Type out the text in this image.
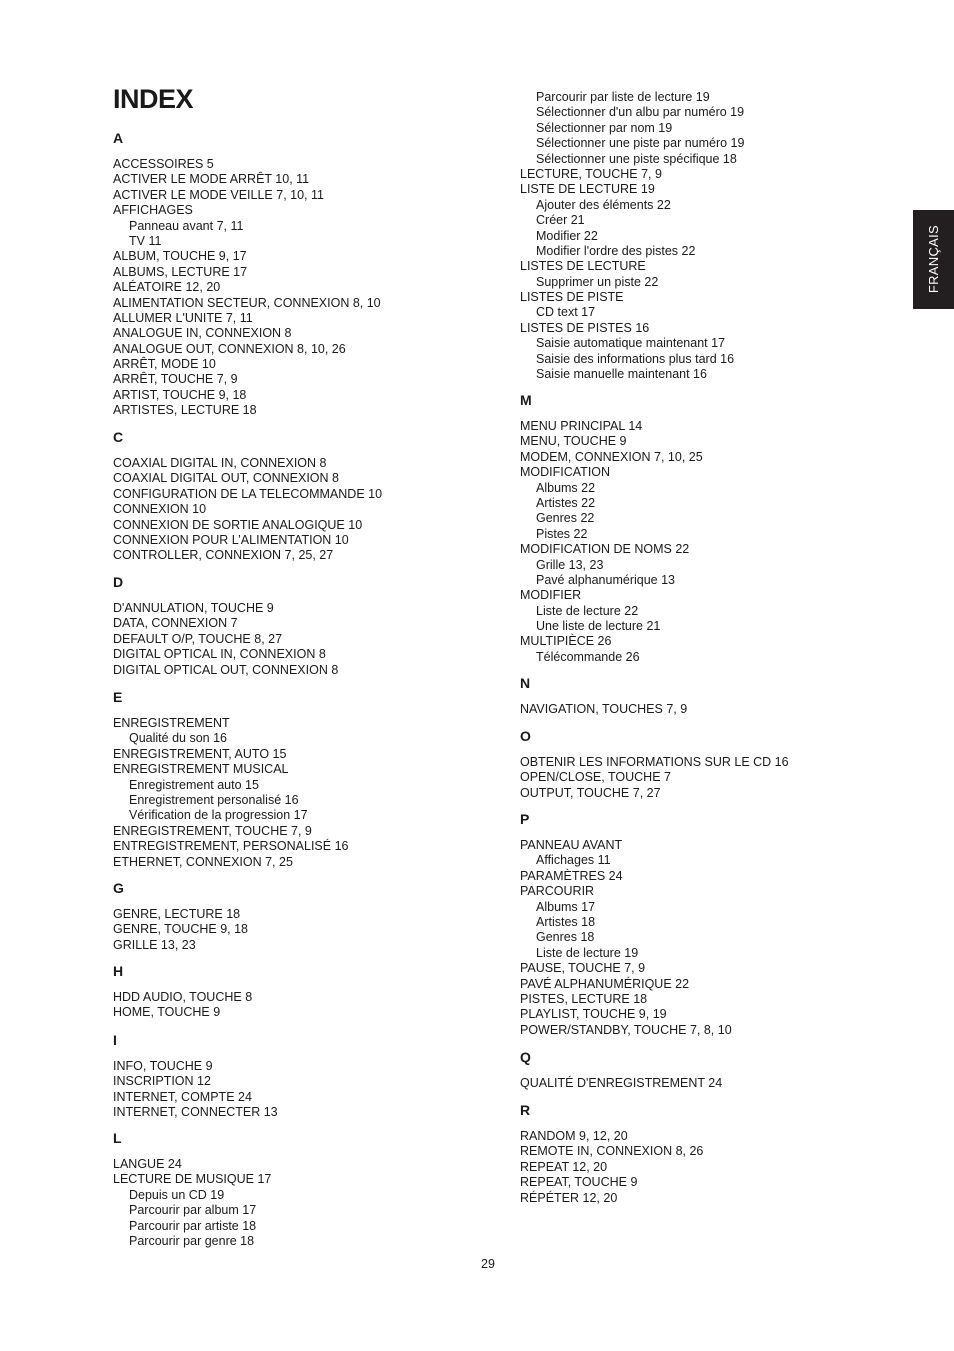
INDEX
A
ACCESSOIRES 5
ACTIVER LE MODE ARRÊT 10, 11
ACTIVER LE MODE VEILLE 7, 10, 11
AFFICHAGES
Panneau avant 7, 11
TV 11
ALBUM, TOUCHE 9, 17
ALBUMS, LECTURE 17
ALÉATOIRE 12, 20
ALIMENTATION SECTEUR, CONNEXION 8, 10
ALLUMER L'UNITE 7, 11
ANALOGUE IN, CONNEXION 8
ANALOGUE OUT, CONNEXION 8, 10, 26
ARRÊT, MODE 10
ARRÊT, TOUCHE 7, 9
ARTIST, TOUCHE 9, 18
ARTISTES, LECTURE 18
C
COAXIAL DIGITAL IN, CONNEXION 8
COAXIAL DIGITAL OUT, CONNEXION 8
CONFIGURATION DE LA TELECOMMANDE 10
CONNEXION 10
CONNEXION DE SORTIE ANALOGIQUE 10
CONNEXION POUR L’ALIMENTATION 10
CONTROLLER, CONNEXION 7, 25, 27
D
D'ANNULATION, TOUCHE 9
DATA, CONNEXION 7
DEFAULT O/P, TOUCHE 8, 27
DIGITAL OPTICAL IN, CONNEXION 8
DIGITAL OPTICAL OUT, CONNEXION 8
E
ENREGISTREMENT
Qualité du son 16
ENREGISTREMENT, AUTO 15
ENREGISTREMENT MUSICAL
Enregistrement auto 15
Enregistrement personalisé 16
Vérification de la progression 17
ENREGISTREMENT, TOUCHE 7, 9
ENTREGISTREMENT, PERSONALISÉ 16
ETHERNET, CONNEXION 7, 25
G
GENRE, LECTURE 18
GENRE, TOUCHE 9, 18
GRILLE 13, 23
H
HDD AUDIO, TOUCHE 8
HOME, TOUCHE 9
I
INFO, TOUCHE 9
INSCRIPTION 12
INTERNET, COMPTE 24
INTERNET, CONNECTER 13
L
LANGUE 24
LECTURE DE MUSIQUE 17
Depuis un CD 19
Parcourir par album 17
Parcourir par artiste 18
Parcourir par genre 18
Parcourir par liste de lecture 19
Sélectionner d'un albu par numéro 19
Sélectionner par nom 19
Sélectionner une piste par numéro 19
Sélectionner une piste spécifique 18
LECTURE, TOUCHE 7, 9
LISTE DE LECTURE 19
Ajouter des éléments 22
Créer 21
Modifier 22
Modifier l'ordre des pistes 22
LISTES DE LECTURE
Supprimer un piste 22
LISTES DE PISTE
CD text 17
LISTES DE PISTES 16
Saisie automatique maintenant 17
Saisie des informations plus tard 16
Saisie manuelle maintenant 16
M
MENU PRINCIPAL 14
MENU, TOUCHE 9
MODEM, CONNEXION 7, 10, 25
MODIFICATION
Albums 22
Artistes 22
Genres 22
Pistes 22
MODIFICATION DE NOMS 22
Grille 13, 23
Pavé alphanumérique 13
MODIFIER
Liste de lecture 22
Une liste de lecture 21
MULTIPIÈCE 26
Télécommande 26
N
NAVIGATION, TOUCHES 7, 9
O
OBTENIR LES INFORMATIONS SUR LE CD 16
OPEN/CLOSE, TOUCHE 7
OUTPUT, TOUCHE 7, 27
P
PANNEAU AVANT
Affichages 11
PARAMÈTRES 24
PARCOURIR
Albums 17
Artistes 18
Genres 18
Liste de lecture 19
PAUSE, TOUCHE 7, 9
PAVÉ ALPHANUMÉRIQUE 22
PISTES, LECTURE 18
PLAYLIST, TOUCHE 9, 19
POWER/STANDBY, TOUCHE 7, 8, 10
Q
QUALITÉ D'ENREGISTREMENT 24
R
RANDOM 9, 12, 20
REMOTE IN, CONNEXION 8, 26
REPEAT 12, 20
REPEAT, TOUCHE 9
RÉPÉTER 12, 20
FRANÇAIS
29
